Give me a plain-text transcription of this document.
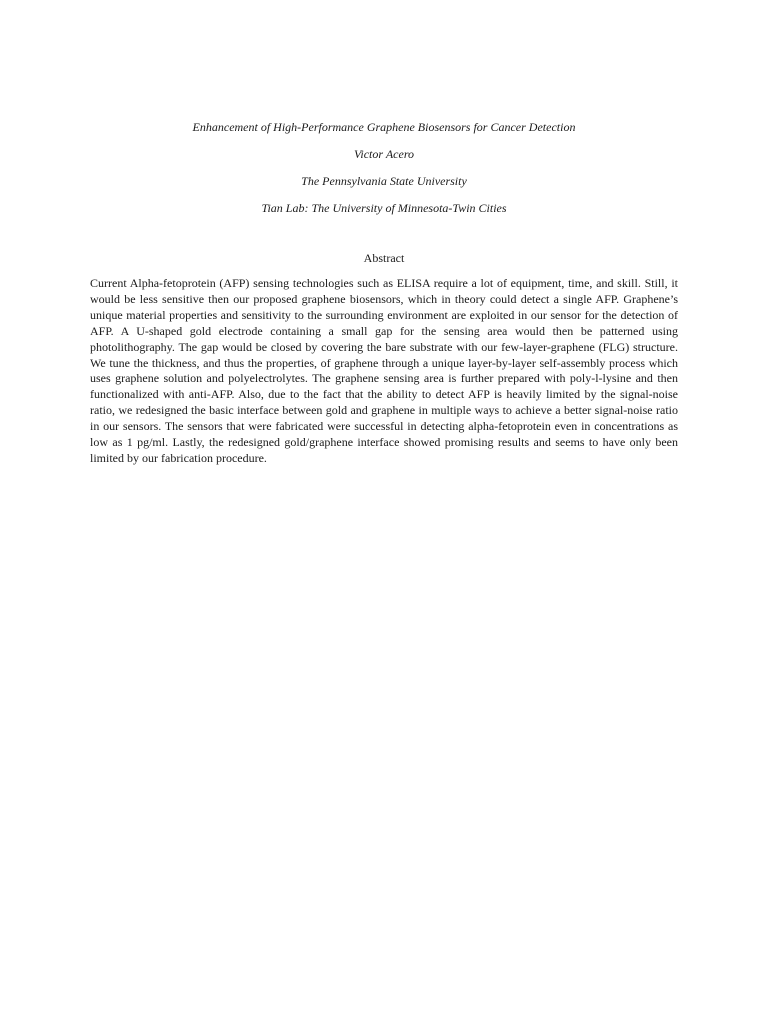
Enhancement of High-Performance Graphene Biosensors for Cancer Detection
Victor Acero
The Pennsylvania State University
Tian Lab: The University of Minnesota-Twin Cities
Abstract
Current Alpha-fetoprotein (AFP) sensing technologies such as ELISA require a lot of equipment, time, and skill. Still, it would be less sensitive then our proposed graphene biosensors, which in theory could detect a single AFP. Graphene’s unique material properties and sensitivity to the surrounding environment are exploited in our sensor for the detection of AFP. A U-shaped gold electrode containing a small gap for the sensing area would then be patterned using photolithography. The gap would be closed by covering the bare substrate with our few-layer-graphene (FLG) structure. We tune the thickness, and thus the properties, of graphene through a unique layer-by-layer self-assembly process which uses graphene solution and polyelectrolytes. The graphene sensing area is further prepared with poly-l-lysine and then functionalized with anti-AFP. Also, due to the fact that the ability to detect AFP is heavily limited by the signal-noise ratio, we redesigned the basic interface between gold and graphene in multiple ways to achieve a better signal-noise ratio in our sensors. The sensors that were fabricated were successful in detecting alpha-fetoprotein even in concentrations as low as 1 pg/ml. Lastly, the redesigned gold/graphene interface showed promising results and seems to have only been limited by our fabrication procedure.
